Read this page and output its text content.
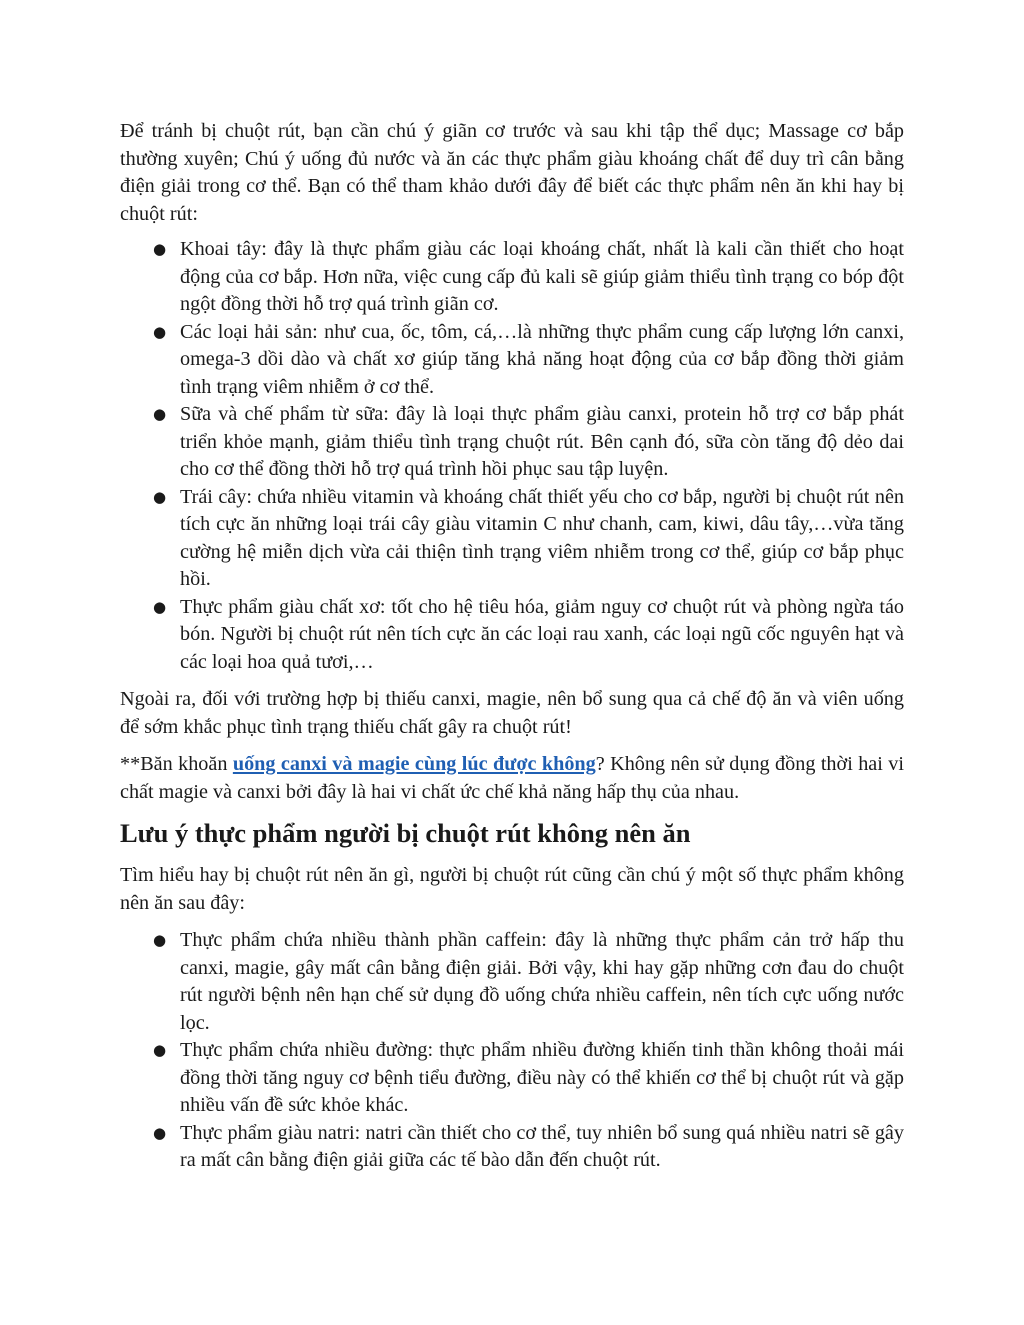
Để tránh bị chuột rút, bạn cần chú ý giãn cơ trước và sau khi tập thể dục; Massage cơ bắp thường xuyên; Chú ý uống đủ nước và ăn các thực phẩm giàu khoáng chất để duy trì cân bằng điện giải trong cơ thể. Bạn có thể tham khảo dưới đây để biết các thực phẩm nên ăn khi hay bị chuột rút:

● Khoai tây: đây là thực phẩm giàu các loại khoáng chất, nhất là kali cần thiết cho hoạt động của cơ bắp. Hơn nữa, việc cung cấp đủ kali sẽ giúp giảm thiểu tình trạng co bóp đột ngột đồng thời hỗ trợ quá trình giãn cơ.
● Các loại hải sản: như cua, ốc, tôm, cá,…là những thực phẩm cung cấp lượng lớn canxi, omega-3 dồi dào và chất xơ giúp tăng khả năng hoạt động của cơ bắp đồng thời giảm tình trạng viêm nhiễm ở cơ thể.
● Sữa và chế phẩm từ sữa: đây là loại thực phẩm giàu canxi, protein hỗ trợ cơ bắp phát triển khỏe mạnh, giảm thiểu tình trạng chuột rút. Bên cạnh đó, sữa còn tăng độ dẻo dai cho cơ thể đồng thời hỗ trợ quá trình hồi phục sau tập luyện.
● Trái cây: chứa nhiều vitamin và khoáng chất thiết yếu cho cơ bắp, người bị chuột rút nên tích cực ăn những loại trái cây giàu vitamin C như chanh, cam, kiwi, dâu tây,…vừa tăng cường hệ miễn dịch vừa cải thiện tình trạng viêm nhiễm trong cơ thể, giúp cơ bắp phục hồi.
● Thực phẩm giàu chất xơ: tốt cho hệ tiêu hóa, giảm nguy cơ chuột rút và phòng ngừa táo bón. Người bị chuột rút nên tích cực ăn các loại rau xanh, các loại ngũ cốc nguyên hạt và các loại hoa quả tươi,…

Ngoài ra, đối với trường hợp bị thiếu canxi, magie, nên bổ sung qua cả chế độ ăn và viên uống để sớm khắc phục tình trạng thiếu chất gây ra chuột rút!

**Băn khoăn uống canxi và magie cùng lúc được không? Không nên sử dụng đồng thời hai vi chất magie và canxi bởi đây là hai vi chất ức chế khả năng hấp thụ của nhau.

Lưu ý thực phẩm người bị chuột rút không nên ăn

Tìm hiểu hay bị chuột rút nên ăn gì, người bị chuột rút cũng cần chú ý một số thực phẩm không nên ăn sau đây:

● Thực phẩm chứa nhiều thành phần caffein: đây là những thực phẩm cản trở hấp thu canxi, magie, gây mất cân bằng điện giải. Bởi vậy, khi hay gặp những cơn đau do chuột rút người bệnh nên hạn chế sử dụng đồ uống chứa nhiều caffein, nên tích cực uống nước lọc.
● Thực phẩm chứa nhiều đường: thực phẩm nhiều đường khiến tinh thần không thoải mái đồng thời tăng nguy cơ bệnh tiểu đường, điều này có thể khiến cơ thể bị chuột rút và gặp nhiều vấn đề sức khỏe khác.
● Thực phẩm giàu natri: natri cần thiết cho cơ thể, tuy nhiên bổ sung quá nhiều natri sẽ gây ra mất cân bằng điện giải giữa các tế bào dẫn đến chuột rút.
